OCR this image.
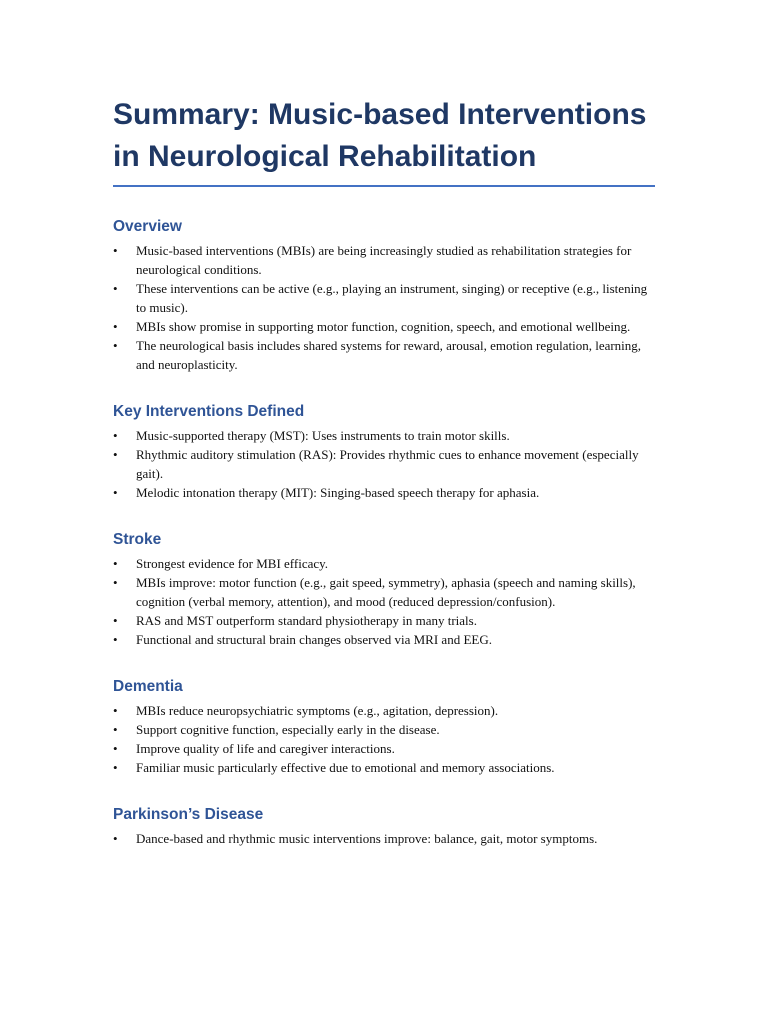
Summary: Music-based Interventions in Neurological Rehabilitation
Overview
• Music-based interventions (MBIs) are being increasingly studied as rehabilitation strategies for neurological conditions.
• These interventions can be active (e.g., playing an instrument, singing) or receptive (e.g., listening to music).
• MBIs show promise in supporting motor function, cognition, speech, and emotional wellbeing.
• The neurological basis includes shared systems for reward, arousal, emotion regulation, learning, and neuroplasticity.
Key Interventions Defined
• Music-supported therapy (MST): Uses instruments to train motor skills.
• Rhythmic auditory stimulation (RAS): Provides rhythmic cues to enhance movement (especially gait).
• Melodic intonation therapy (MIT): Singing-based speech therapy for aphasia.
Stroke
• Strongest evidence for MBI efficacy.
• MBIs improve: motor function (e.g., gait speed, symmetry), aphasia (speech and naming skills), cognition (verbal memory, attention), and mood (reduced depression/confusion).
• RAS and MST outperform standard physiotherapy in many trials.
• Functional and structural brain changes observed via MRI and EEG.
Dementia
• MBIs reduce neuropsychiatric symptoms (e.g., agitation, depression).
• Support cognitive function, especially early in the disease.
• Improve quality of life and caregiver interactions.
• Familiar music particularly effective due to emotional and memory associations.
Parkinson’s Disease
• Dance-based and rhythmic music interventions improve: balance, gait, motor symptoms.
